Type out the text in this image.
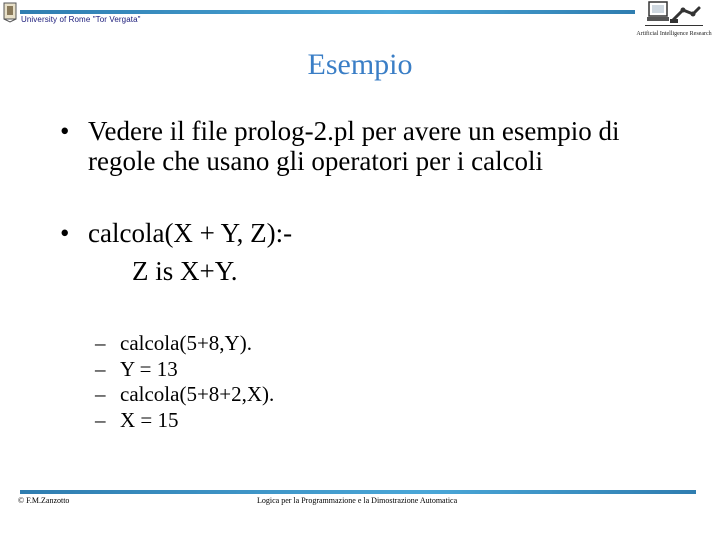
University of Rome "Tor Vergata"
Artificial Intelligence Research
Esempio
• Vedere il file prolog-2.pl per avere un esempio di
regole che usano gli operatori per i calcoli
• calcola(X + Y, Z):-
Z is X+Y.
– calcola(5+8,Y).
– Y = 13
– calcola(5+8+2,X).
– X = 15
© F.M.Zanzotto	Logica per la Programmazione e la Dimostrazione Automatica
